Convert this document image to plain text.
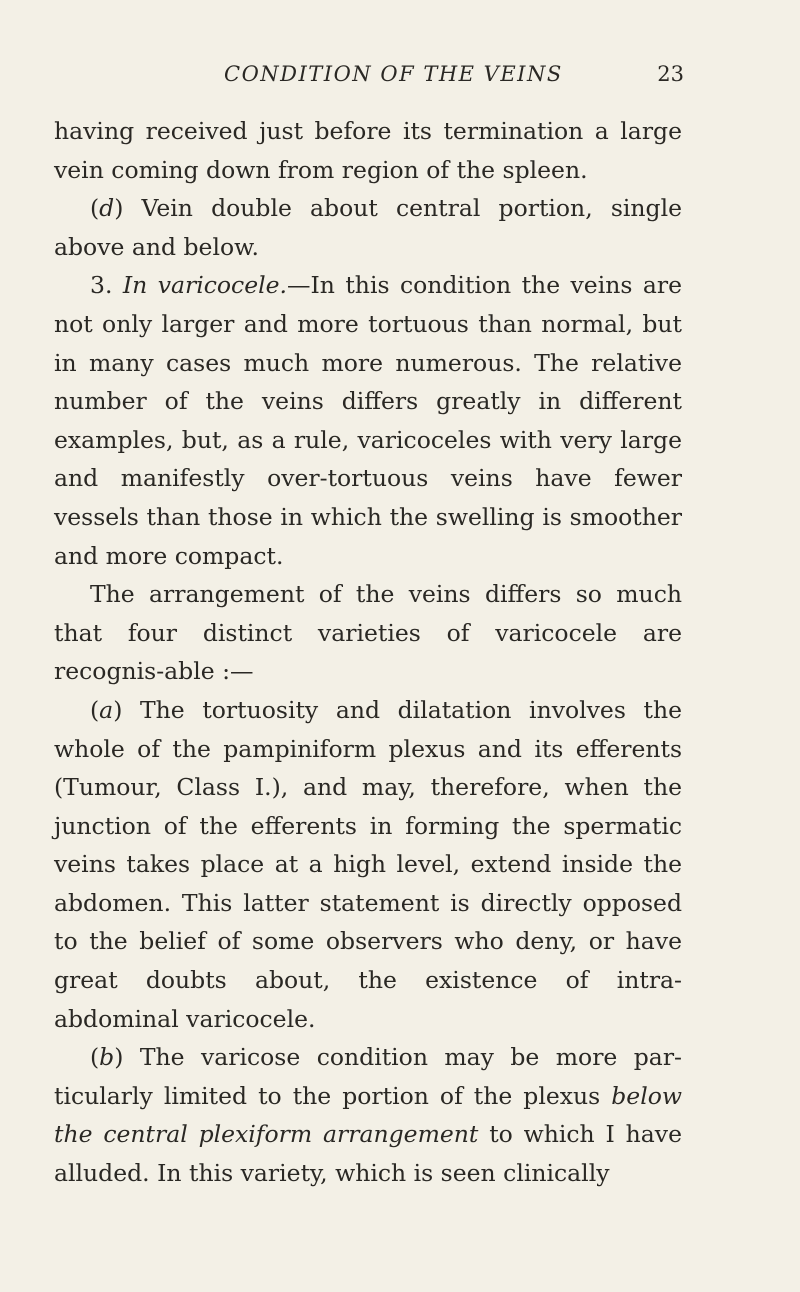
CONDITION OF THE VEINS	23

having received just before its termination a large vein coming down from region of the spleen.

(d) Vein double about central portion, single above and below.

3. In varicocele.—In this condition the veins are not only larger and more tortuous than normal, but in many cases much more numerous. The relative number of the veins differs greatly in different examples, but, as a rule, varicoceles with very large and manifestly over-tortuous veins have fewer vessels than those in which the swelling is smoother and more compact.

The arrangement of the veins differs so much that four distinct varieties of varicocele are recognis-able :—

(a) The tortuosity and dilatation involves the whole of the pampiniform plexus and its efferents (Tumour, Class I.), and may, therefore, when the junction of the efferents in forming the spermatic veins takes place at a high level, extend inside the abdomen. This latter statement is directly opposed to the belief of some observers who deny, or have great doubts about, the existence of intra-abdominal varicocele.

(b) The varicose condition may be more par-ticularly limited to the portion of the plexus below the central plexiform arrangement to which I have alluded. In this variety, which is seen clinically
